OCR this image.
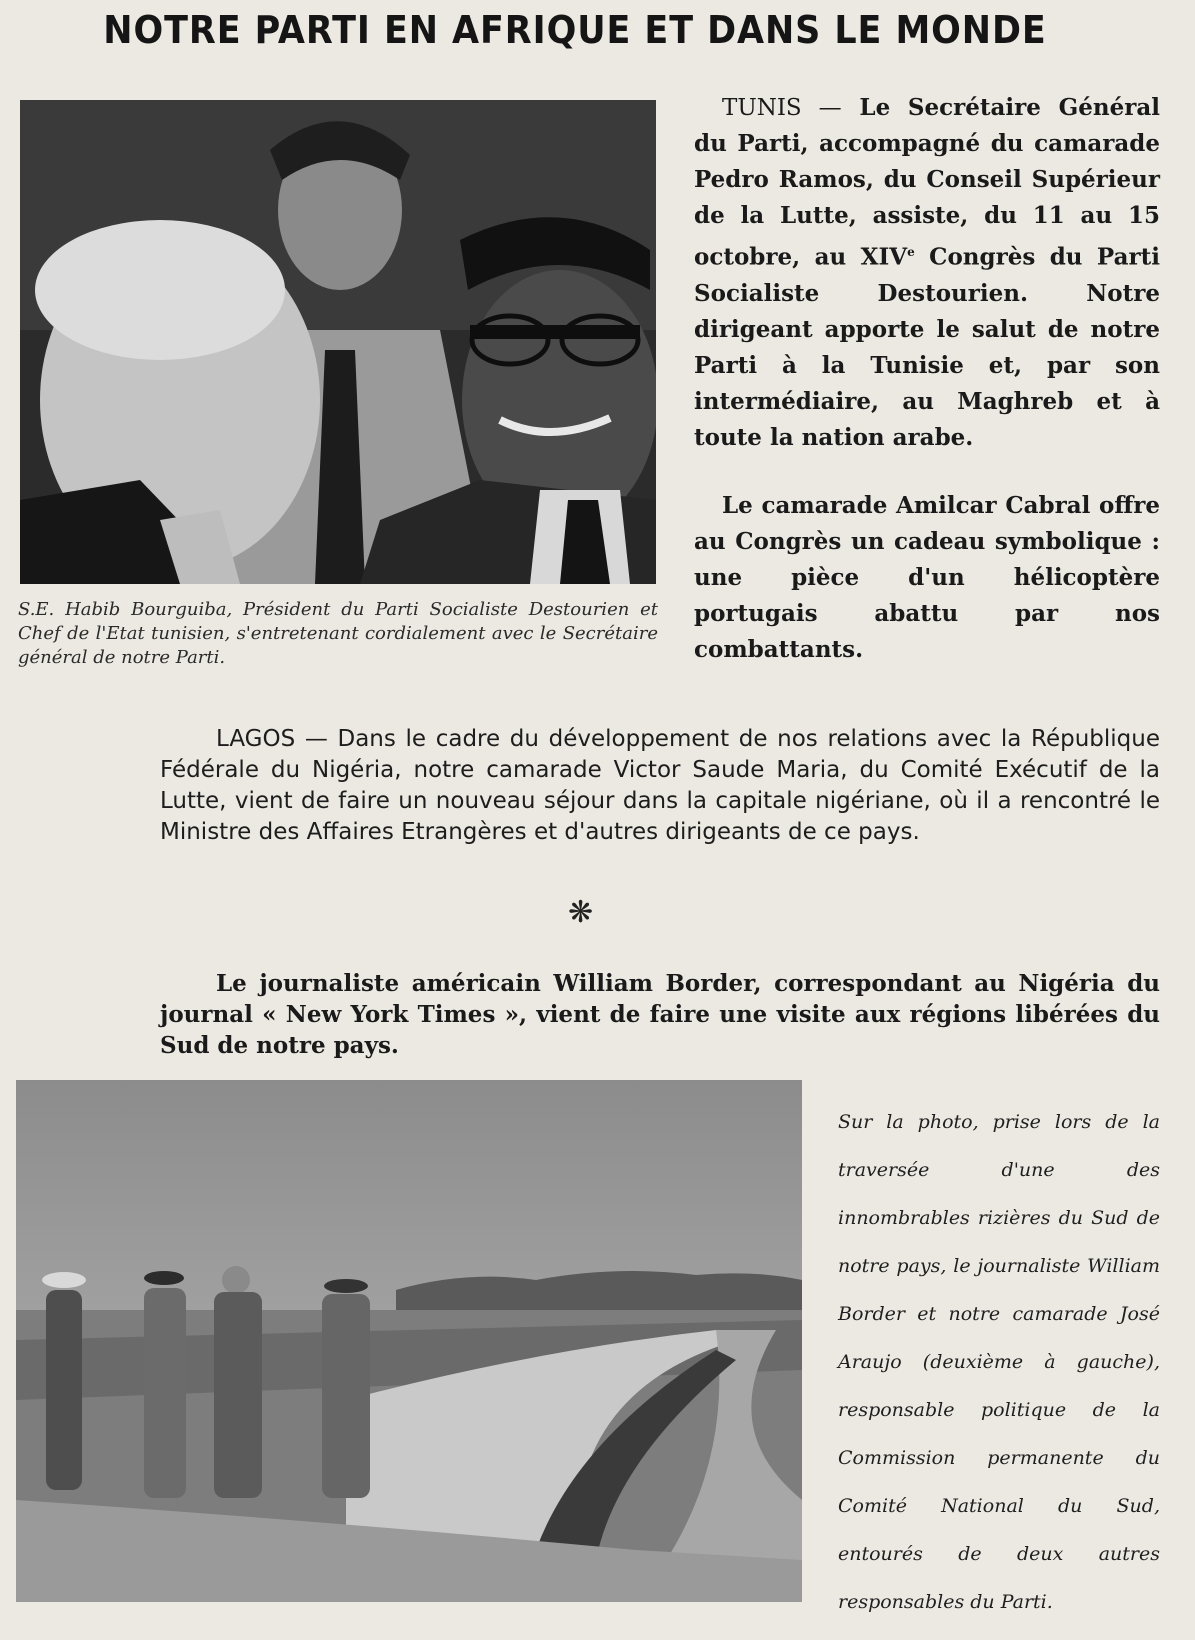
NOTRE PARTI EN AFRIQUE ET DANS LE MONDE

S.E. Habib Bourguiba, Président du Parti Socialiste Destourien et Chef de l'Etat tunisien, s'entretenant cordialement avec le Secrétaire général de notre Parti.

TUNIS — Le Secrétaire Général du Parti, accompagné du camarade Pedro Ramos, du Conseil Supérieur de la Lutte, assiste, du 11 au 15 octobre, au XIVe Congrès du Parti Socialiste Destourien. Notre dirigeant apporte le salut de notre Parti à la Tunisie et, par son intermédiaire, au Maghreb et à toute la nation arabe.

Le camarade Amilcar Cabral offre au Congrès un cadeau symbolique : une pièce d'un hélicoptère portugais abattu par nos combattants.

LAGOS — Dans le cadre du développement de nos relations avec la République Fédérale du Nigéria, notre camarade Victor Saude Maria, du Comité Exécutif de la Lutte, vient de faire un nouveau séjour dans la capitale nigériane, où il a rencontré le Ministre des Affaires Etrangères et d'autres dirigeants de ce pays.

❋

Le journaliste américain William Border, correspondant au Nigéria du journal « New York Times », vient de faire une visite aux régions libérées du Sud de notre pays.

Sur la photo, prise lors de la traversée d'une des innombrables rizières du Sud de notre pays, le journaliste William Border et notre camarade José Araujo (deuxième à gauche), responsable politique de la Commission permanente du Comité National du Sud, entourés de deux autres responsables du Parti.
